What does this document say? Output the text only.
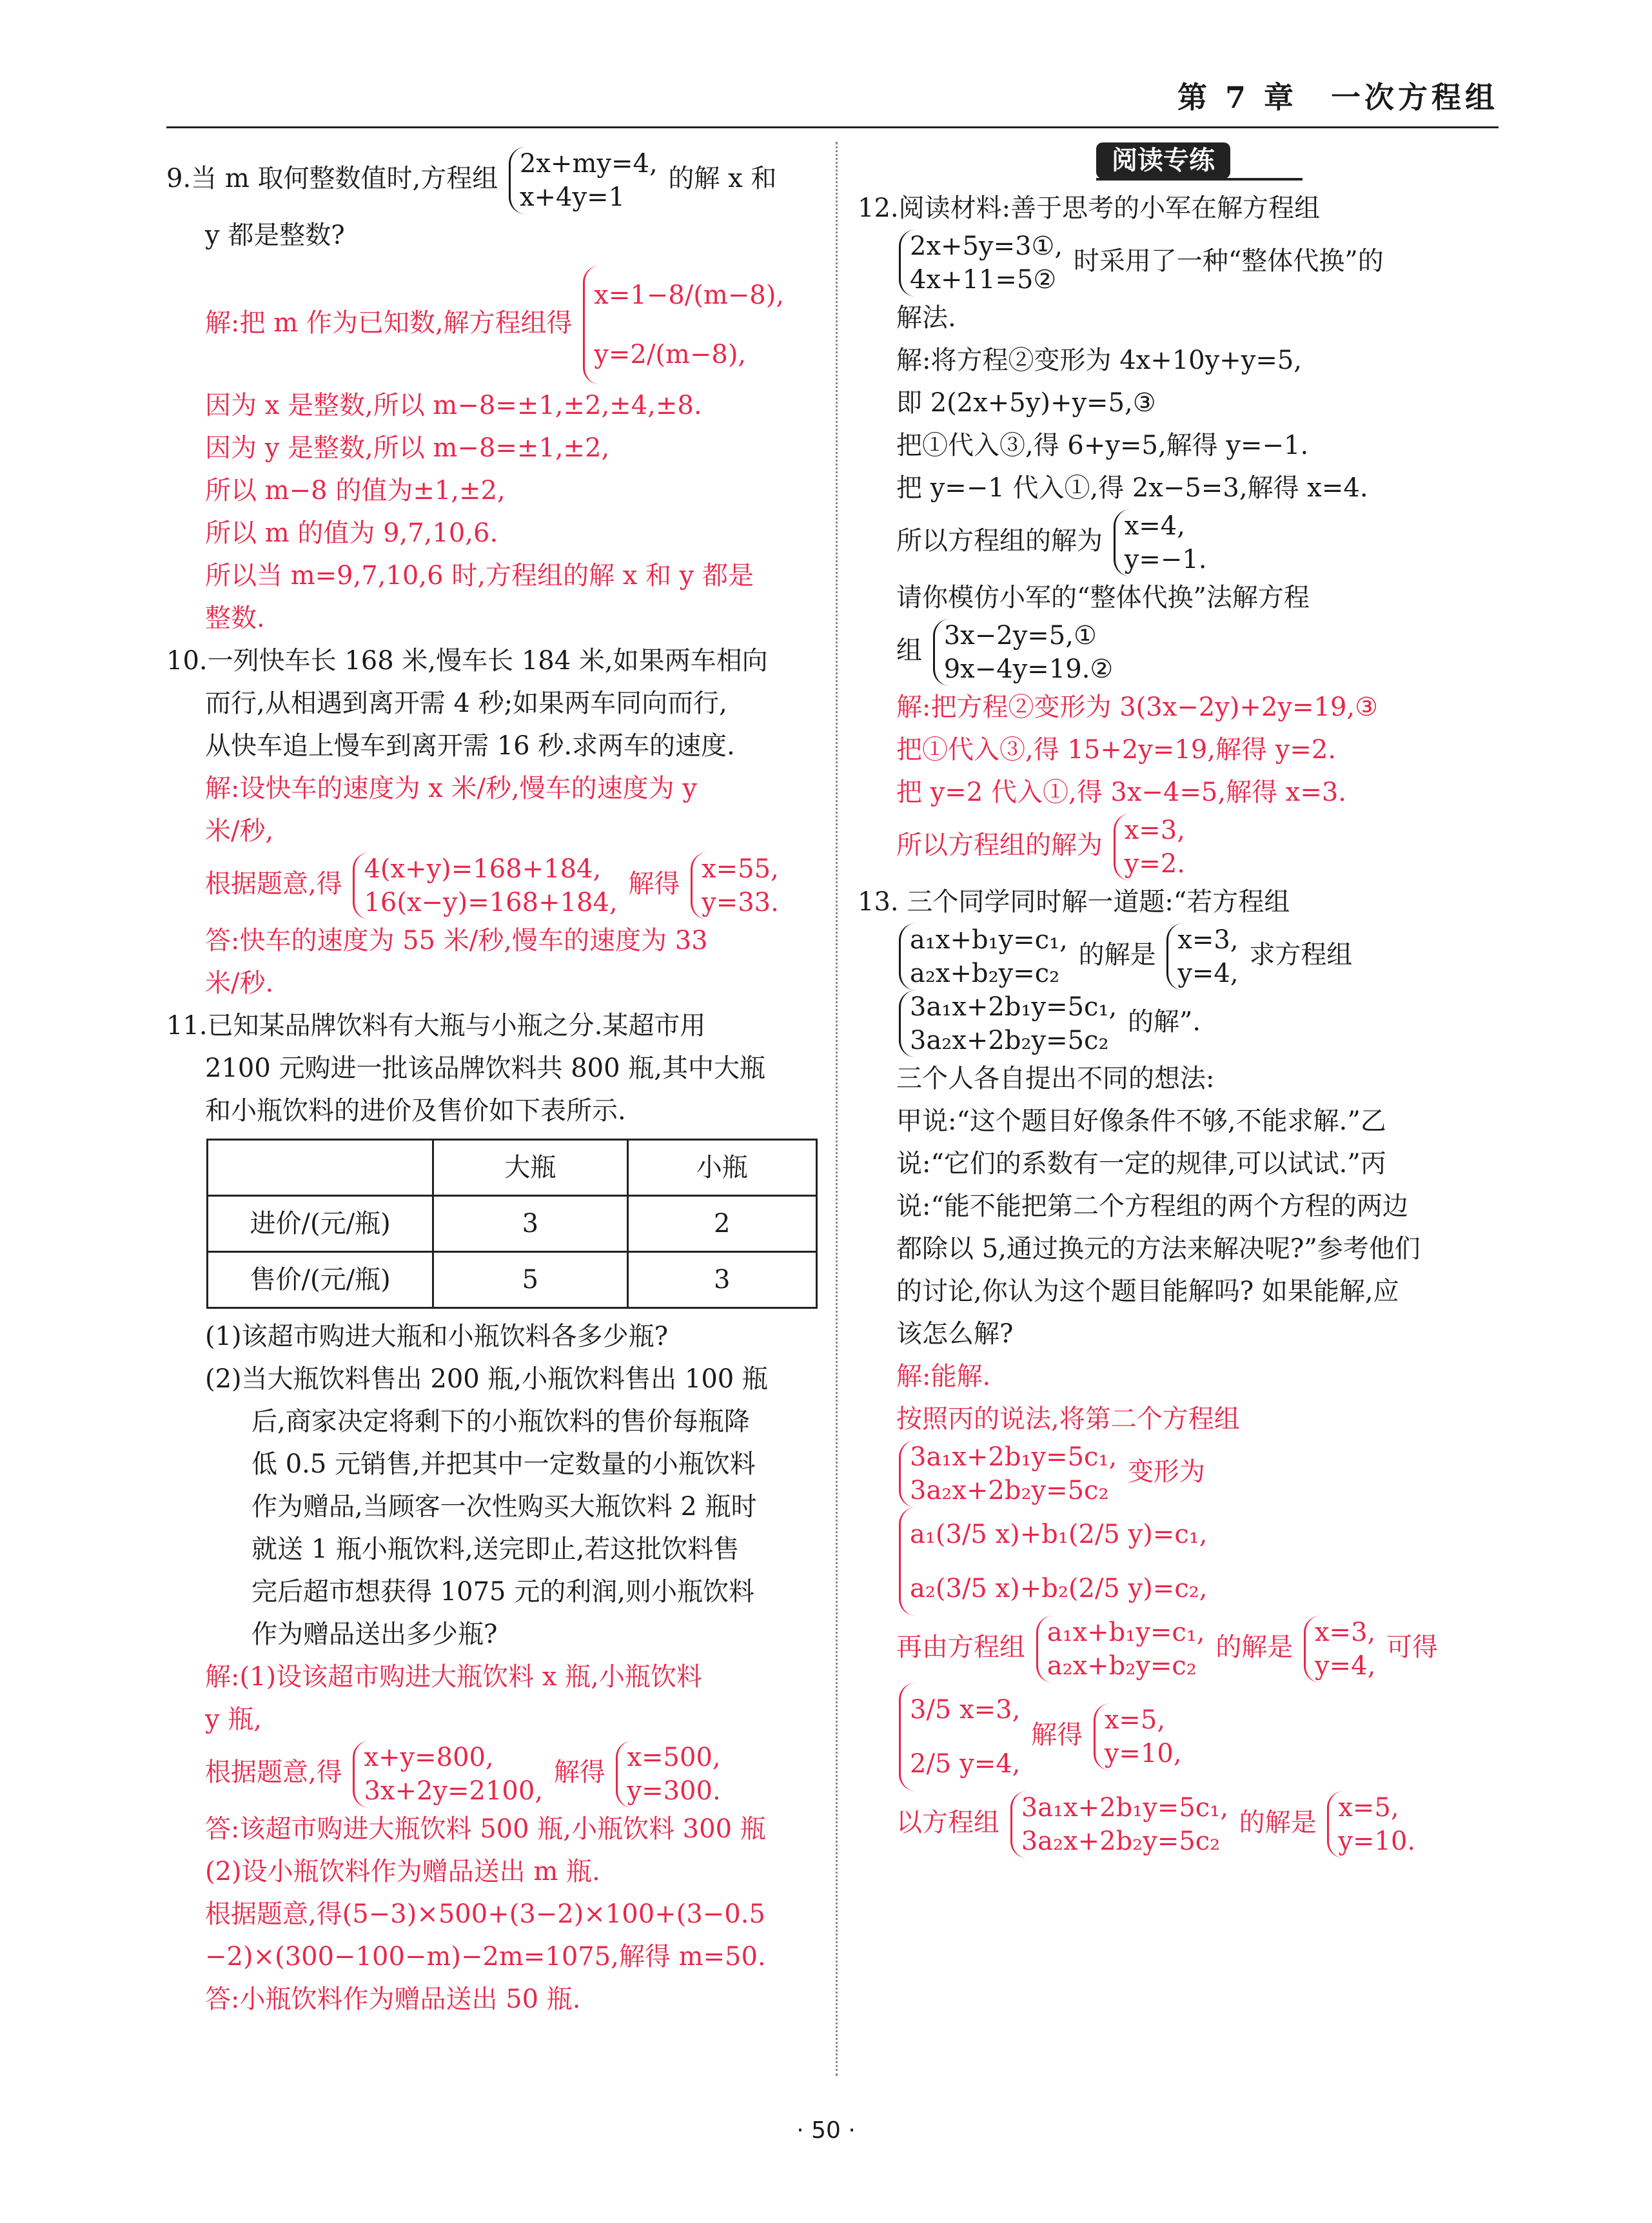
第 7 章　一次方程组
阅读专练

9.当 m 取何整数值时,方程组 2x+my=4,
x+4y=1
的解 x 和

y 都是整数?

解:把 m 作为已知数,解方程组得
x=1−8/(m−8),
y=2/(m−8),

因为 x 是整数,所以 m−8=±1,±2,±4,±8.

因为 y 是整数,所以 m−8=±1,±2,

所以 m−8 的值为±1,±2,

所以 m 的值为 9,7,10,6.

所以当 m=9,7,10,6 时,方程组的解 x 和 y 都是

整数.

10.一列快车长 168 米,慢车长 184 米,如果两车相向

而行,从相遇到离开需 4 秒;如果两车同向而行,

从快车追上慢车到离开需 16 秒.求两车的速度.

解:设快车的速度为 x 米/秒,慢车的速度为 y

米/秒,

根据题意,得 4(x+y)=168+184,
16(x−y)=168+184,
解得 x=55,
y=33.

答:快车的速度为 55 米/秒,慢车的速度为 33

米/秒.

11.已知某品牌饮料有大瓶与小瓶之分.某超市用

2100 元购进一批该品牌饮料共 800 瓶,其中大瓶

和小瓶饮料的进价及售价如下表所示.

	大瓶	小瓶
进价/(元/瓶)	3	2
售价/(元/瓶)	5	3

(1)该超市购进大瓶和小瓶饮料各多少瓶?

(2)当大瓶饮料售出 200 瓶,小瓶饮料售出 100 瓶

后,商家决定将剩下的小瓶饮料的售价每瓶降

低 0.5 元销售,并把其中一定数量的小瓶饮料

作为赠品,当顾客一次性购买大瓶饮料 2 瓶时

就送 1 瓶小瓶饮料,送完即止,若这批饮料售

完后超市想获得 1075 元的利润,则小瓶饮料

作为赠品送出多少瓶?

解:(1)设该超市购进大瓶饮料 x 瓶,小瓶饮料

y 瓶,

根据题意,得 x+y=800,
3x+2y=2100,
解得 x=500,
y=300.

答:该超市购进大瓶饮料 500 瓶,小瓶饮料 300 瓶

(2)设小瓶饮料作为赠品送出 m 瓶.

根据题意,得(5−3)×500+(3−2)×100+(3−0.5

−2)×(300−100−m)−2m=1075,解得 m=50.

答:小瓶饮料作为赠品送出 50 瓶.

12.阅读材料:善于思考的小军在解方程组

2x+5y=3①,
4x+11=5②
时采用了一种“整体代换”的

解法.

解:将方程②变形为 4x+10y+y=5,

即 2(2x+5y)+y=5,③

把①代入③,得 6+y=5,解得 y=−1.

把 y=−1 代入①,得 2x−5=3,解得 x=4.

所以方程组的解为 x=4,
y=−1.

请你模仿小军的“整体代换”法解方程

组 3x−2y=5,①
9x−4y=19.②

解:把方程②变形为 3(3x−2y)+2y=19,③

把①代入③,得 15+2y=19,解得 y=2.

把 y=2 代入①,得 3x−4=5,解得 x=3.

所以方程组的解为 x=3,
y=2.

13. 三个同学同时解一道题:“若方程组

a₁x+b₁y=c₁,
a₂x+b₂y=c₂
的解是 x=3,
y=4,
求方程组

3a₁x+2b₁y=5c₁,
3a₂x+2b₂y=5c₂
的解”.

三个人各自提出不同的想法:

甲说:“这个题目好像条件不够,不能求解.”乙

说:“它们的系数有一定的规律,可以试试.”丙

说:“能不能把第二个方程组的两个方程的两边

都除以 5,通过换元的方法来解决呢?”参考他们

的讨论,你认为这个题目能解吗? 如果能解,应

该怎么解?

解:能解.

按照丙的说法,将第二个方程组

3a₁x+2b₁y=5c₁,
3a₂x+2b₂y=5c₂
变形为

a₁(3/5 x)+b₁(2/5 y)=c₁,
a₂(3/5 x)+b₂(2/5 y)=c₂,

再由方程组 a₁x+b₁y=c₁,
a₂x+b₂y=c₂
的解是 x=3,
y=4,
可得

3/5 x=3,
2/5 y=4,
解得 x=5,
y=10,

以方程组 3a₁x+2b₁y=5c₁,
3a₂x+2b₂y=5c₂
的解是 x=5,
y=10.

· 50 ·
